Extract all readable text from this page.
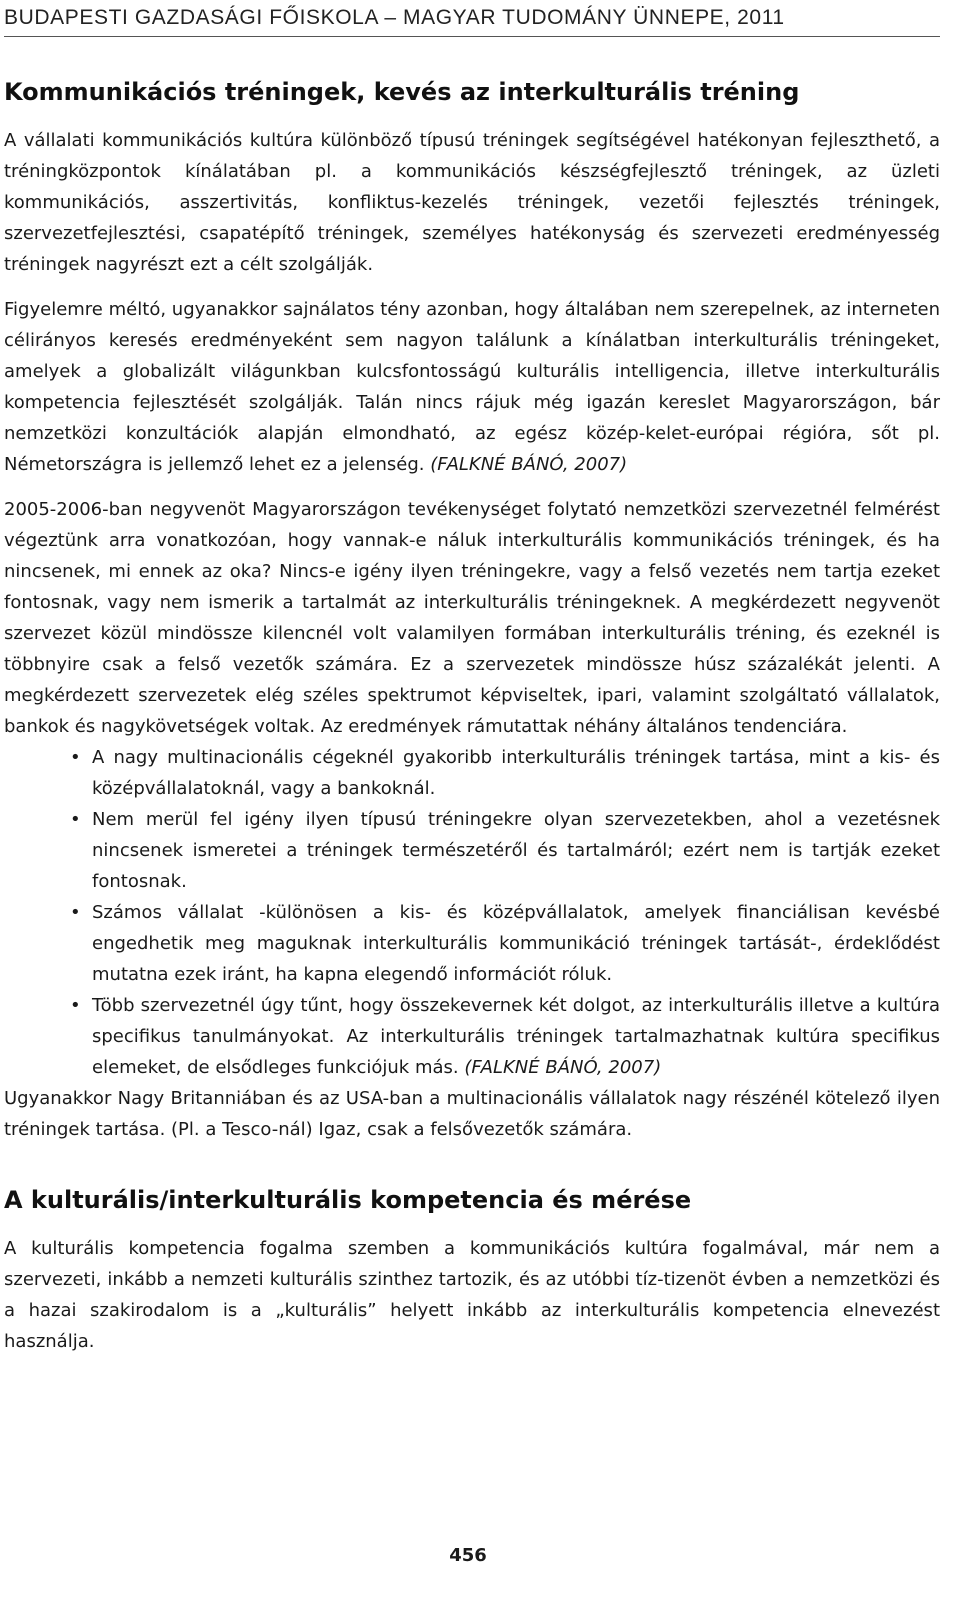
BUDAPESTI GAZDASÁGI FŐISKOLA – MAGYAR TUDOMÁNY ÜNNEPE, 2011
Kommunikációs tréningek, kevés az interkulturális tréning

A vállalati kommunikációs kultúra különböző típusú tréningek segítségével hatékonyan fejleszthető, a tréningközpontok kínálatában pl. a kommunikációs készségfejlesztő tréningek, az üzleti kommunikációs, asszertivitás, konfliktus-kezelés tréningek, vezetői fejlesztés tréningek, szervezetfejlesztési, csapatépítő tréningek, személyes hatékonyság és szervezeti eredményesség tréningek nagyrészt ezt a célt szolgálják.

Figyelemre méltó, ugyanakkor sajnálatos tény azonban, hogy általában nem szerepelnek, az interneten célirányos keresés eredményeként sem nagyon találunk a kínálatban interkulturális tréningeket, amelyek a globalizált világunkban kulcsfontosságú kulturális intelligencia, illetve interkulturális kompetencia fejlesztését szolgálják. Talán nincs rájuk még igazán kereslet Magyarországon, bár nemzetközi konzultációk alapján elmondható, az egész közép-kelet-európai régióra, sőt pl. Németországra is jellemző lehet ez a jelenség. (FALKNÉ BÁNÓ, 2007)

2005-2006-ban negyvenöt Magyarországon tevékenységet folytató nemzetközi szervezetnél felmérést végeztünk arra vonatkozóan, hogy vannak-e náluk interkulturális kommunikációs tréningek, és ha nincsenek, mi ennek az oka? Nincs-e igény ilyen tréningekre, vagy a felső vezetés nem tartja ezeket fontosnak, vagy nem ismerik a tartalmát az interkulturális tréningeknek. A megkérdezett negyvenöt szervezet közül mindössze kilencnél volt valamilyen formában interkulturális tréning, és ezeknél is többnyire csak a felső vezetők számára. Ez a szervezetek mindössze húsz százalékát jelenti. A megkérdezett szervezetek elég széles spektrumot képviseltek, ipari, valamint szolgáltató vállalatok, bankok és nagykövetségek voltak. Az eredmények rámutattak néhány általános tendenciára.

• A nagy multinacionális cégeknél gyakoribb interkulturális tréningek tartása, mint a kis- és középvállalatoknál, vagy a bankoknál.
• Nem merül fel igény ilyen típusú tréningekre olyan szervezetekben, ahol a vezetésnek nincsenek ismeretei a tréningek természetéről és tartalmáról; ezért nem is tartják ezeket fontosnak.
• Számos vállalat -különösen a kis- és középvállalatok, amelyek financiálisan kevésbé engedhetik meg maguknak interkulturális kommunikáció tréningek tartását-, érdeklődést mutatna ezek iránt, ha kapna elegendő információt róluk.
• Több szervezetnél úgy tűnt, hogy összekevernek két dolgot, az interkulturális illetve a kultúra specifikus tanulmányokat. Az interkulturális tréningek tartalmazhatnak kultúra specifikus elemeket, de elsődleges funkciójuk más. (FALKNÉ BÁNÓ, 2007)

Ugyanakkor Nagy Britanniában és az USA-ban a multinacionális vállalatok nagy részénél kötelező ilyen tréningek tartása. (Pl. a Tesco-nál) Igaz, csak a felsővezetők számára.

A kulturális/interkulturális kompetencia és mérése

A kulturális kompetencia fogalma szemben a kommunikációs kultúra fogalmával, már nem a szervezeti, inkább a nemzeti kulturális szinthez tartozik, és az utóbbi tíz-tizenöt évben a nemzetközi és a hazai szakirodalom is a „kulturális” helyett inkább az interkulturális kompetencia elnevezést használja.

456
